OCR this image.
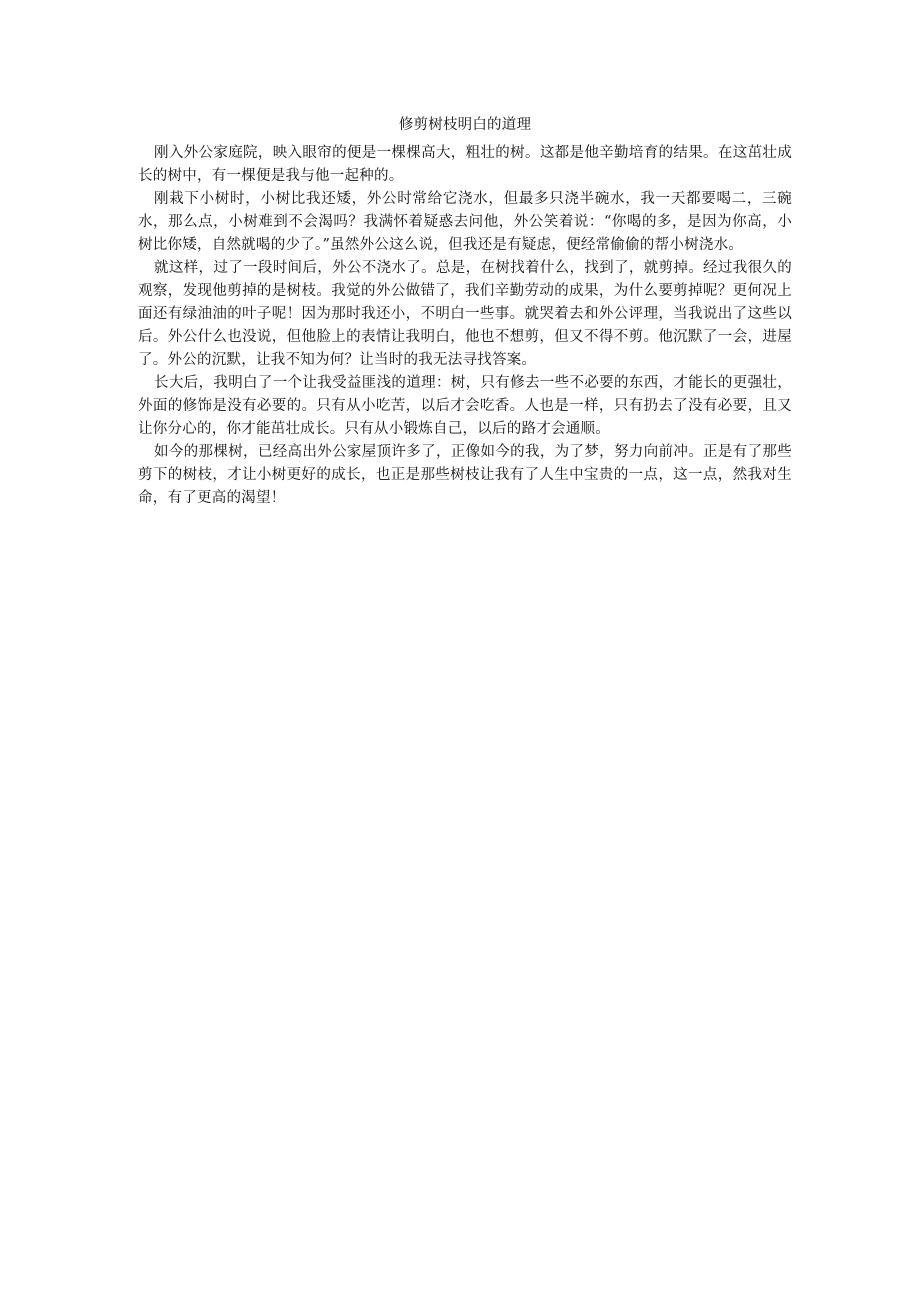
修剪树枝明白的道理

刚入外公家庭院，映入眼帘的便是一棵棵高大，粗壮的树。这都是他辛勤培育的结果。在这茁壮成长的树中，有一棵便是我与他一起种的。

刚栽下小树时，小树比我还矮，外公时常给它浇水，但最多只浇半碗水，我一天都要喝二，三碗水，那么点，小树难到不会渴吗？我满怀着疑惑去问他，外公笑着说：“你喝的多，是因为你高，小树比你矮，自然就喝的少了。”虽然外公这么说，但我还是有疑虑，便经常偷偷的帮小树浇水。

就这样，过了一段时间后，外公不浇水了。总是，在树找着什么，找到了，就剪掉。经过我很久的观察，发现他剪掉的是树枝。我觉的外公做错了，我们辛勤劳动的成果，为什么要剪掉呢？更何况上面还有绿油油的叶子呢！因为那时我还小，不明白一些事。就哭着去和外公评理，当我说出了这些以后。外公什么也没说，但他脸上的表情让我明白，他也不想剪，但又不得不剪。他沉默了一会，进屋了。外公的沉默，让我不知为何？让当时的我无法寻找答案。

长大后，我明白了一个让我受益匪浅的道理：树，只有修去一些不必要的东西，才能长的更强壮，外面的修饰是没有必要的。只有从小吃苦，以后才会吃香。人也是一样，只有扔去了没有必要，且又让你分心的，你才能茁壮成长。只有从小锻炼自己，以后的路才会通顺。

如今的那棵树，已经高出外公家屋顶许多了，正像如今的我，为了梦，努力向前冲。正是有了那些剪下的树枝，才让小树更好的成长，也正是那些树枝让我有了人生中宝贵的一点，这一点，然我对生命，有了更高的渴望！
